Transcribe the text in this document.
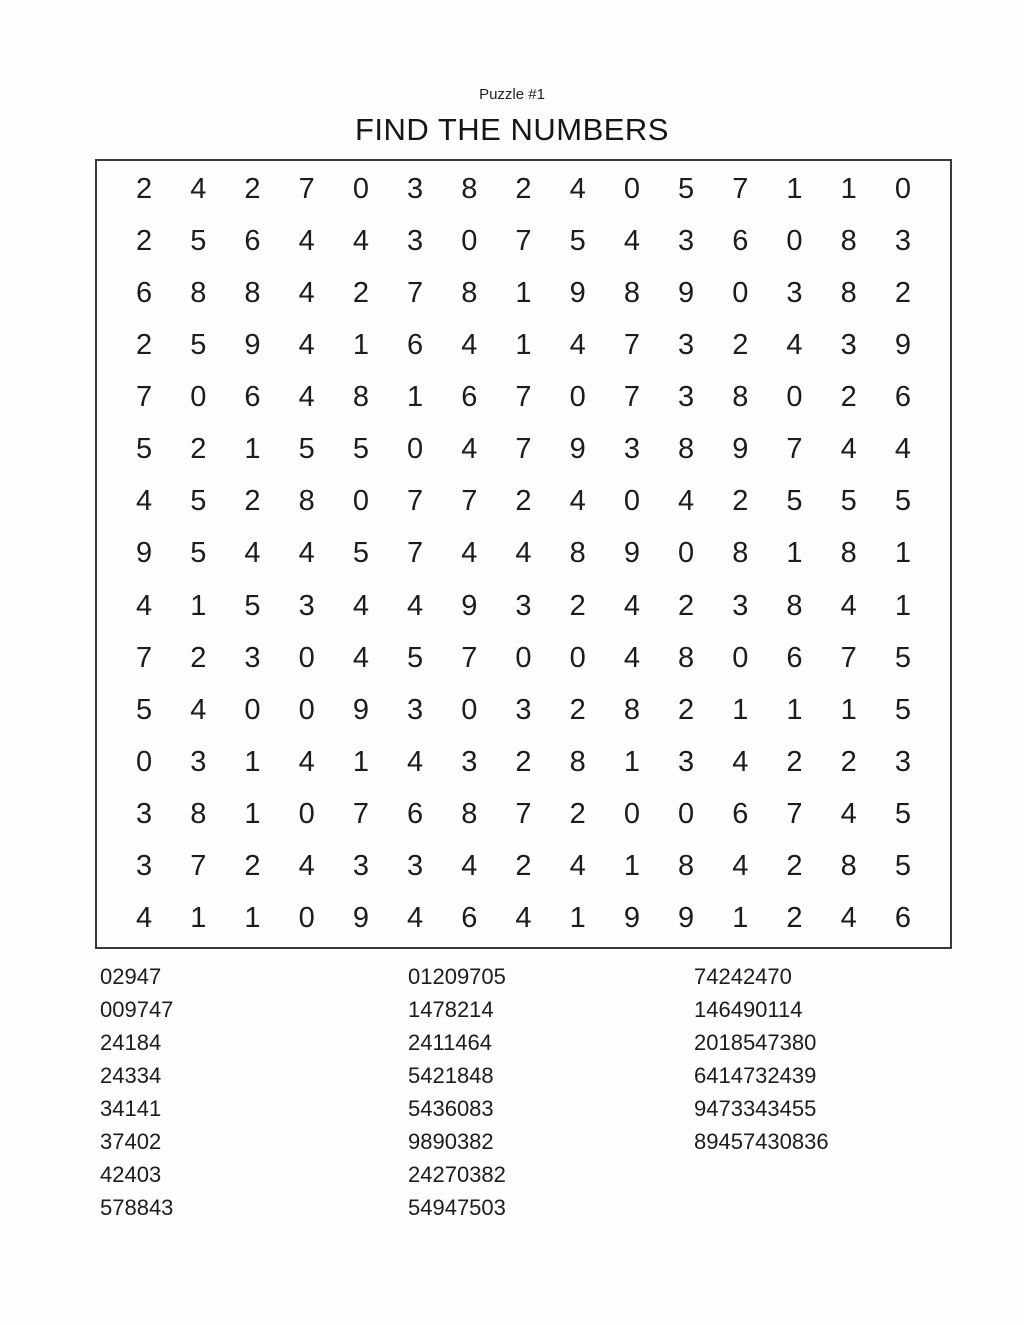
Puzzle #1
FIND THE NUMBERS
2	4	2	7	0	3	8	2	4	0	5	7	1	1	0
2	5	6	4	4	3	0	7	5	4	3	6	0	8	3
6	8	8	4	2	7	8	1	9	8	9	0	3	8	2
2	5	9	4	1	6	4	1	4	7	3	2	4	3	9
7	0	6	4	8	1	6	7	0	7	3	8	0	2	6
5	2	1	5	5	0	4	7	9	3	8	9	7	4	4
4	5	2	8	0	7	7	2	4	0	4	2	5	5	5
9	5	4	4	5	7	4	4	8	9	0	8	1	8	1
4	1	5	3	4	4	9	3	2	4	2	3	8	4	1
7	2	3	0	4	5	7	0	0	4	8	0	6	7	5
5	4	0	0	9	3	0	3	2	8	2	1	1	1	5
0	3	1	4	1	4	3	2	8	1	3	4	2	2	3
3	8	1	0	7	6	8	7	2	0	0	6	7	4	5
3	7	2	4	3	3	4	2	4	1	8	4	2	8	5
4	1	1	0	9	4	6	4	1	9	9	1	2	4	6
02947
009747
24184
24334
34141
37402
42403
578843
01209705
1478214
2411464
5421848
5436083
9890382
24270382
54947503
74242470
146490114
2018547380
6414732439
9473343455
89457430836
